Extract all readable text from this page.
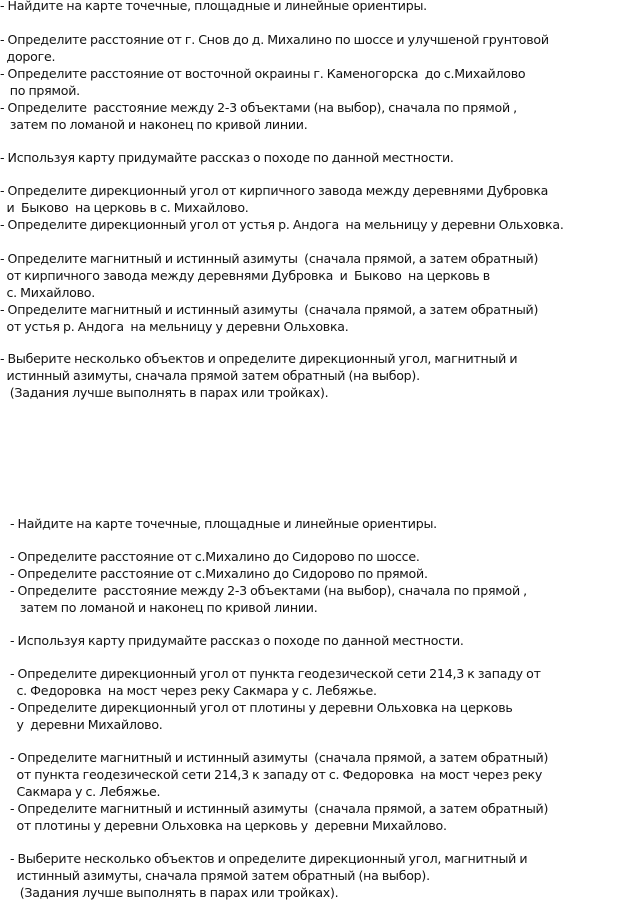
- Найдите на карте точечные, площадные и линейные ориентиры.
- Определите расстояние от г. Снов до д. Михалино по шоссе и улучшеной грунтовой
дороге.
- Определите расстояние от восточной окраины г. Каменогорска  до с.Михайлово
по прямой.
- Определите  расстояние между 2-3 объектами (на выбор), сначала по прямой ,
затем по ломаной и наконец по кривой линии.
- Используя карту придумайте рассказ о походе по данной местности.
- Определите дирекционный угол от кирпичного завода между деревнями Дубровка
и  Быково  на церковь в с. Михайлово.
- Определите дирекционный угол от устья р. Андога  на мельницу у деревни Ольховка.
- Определите магнитный и истинный азимуты  (сначала прямой, а затем обратный)
от кирпичного завода между деревнями Дубровка  и  Быково  на церковь в
с. Михайлово.
- Определите магнитный и истинный азимуты  (сначала прямой, а затем обратный)
от устья р. Андога  на мельницу у деревни Ольховка.
- Выберите несколько объектов и определите дирекционный угол, магнитный и
истинный азимуты, сначала прямой затем обратный (на выбор).
(Задания лучше выполнять в парах или тройках).
- Найдите на карте точечные, площадные и линейные ориентиры.
- Определите расстояние от с.Михалино до Сидорово по шоссе.
- Определите расстояние от с.Михалино до Сидорово по прямой.
- Определите  расстояние между 2-3 объектами (на выбор), сначала по прямой ,
затем по ломаной и наконец по кривой линии.
- Используя карту придумайте рассказ о походе по данной местности.
- Определите дирекционный угол от пункта геодезической сети 214,3 к западу от
с. Федоровка  на мост через реку Сакмара у с. Лебяжье.
- Определите дирекционный угол от плотины у деревни Ольховка на церковь
у  деревни Михайлово.
- Определите магнитный и истинный азимуты  (сначала прямой, а затем обратный)
от пункта геодезической сети 214,3 к западу от с. Федоровка  на мост через реку
Сакмара у с. Лебяжье.
- Определите магнитный и истинный азимуты  (сначала прямой, а затем обратный)
от плотины у деревни Ольховка на церковь у  деревни Михайлово.
- Выберите несколько объектов и определите дирекционный угол, магнитный и
истинный азимуты, сначала прямой затем обратный (на выбор).
(Задания лучше выполнять в парах или тройках).
